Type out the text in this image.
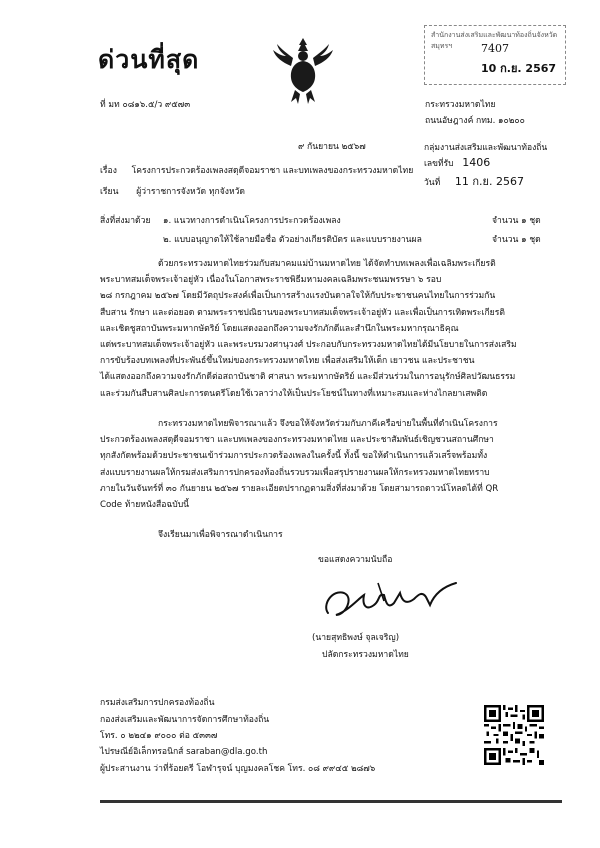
ด่วนที่สุด
สำนักงานส่งเสริมและพัฒนาท้องถิ่นจังหวัดสมุทรฯ	7407
10 ก.ย. 2567
ที่ มท ๐๘๑๖.๕/ว ๙๕๗๓	กระทรวงมหาดไทย
ถนนอัษฎางค์ กทม. ๑๐๒๐๐
๙ กันยายน ๒๕๖๗	กลุ่มงานส่งเสริมและพัฒนาท้องถิ่น
เลขที่รับ 1406
วันที่ 11 ก.ย. 2567
เรื่อง โครงการประกวดร้องเพลงสดุดีจอมราชา และบทเพลงของกระทรวงมหาดไทย
เรียน ผู้ว่าราชการจังหวัด ทุกจังหวัด
สิ่งที่ส่งมาด้วย ๑. แนวทางการดำเนินโครงการประกวดร้องเพลง	จำนวน ๑ ชุด
๒. แบบอนุญาตให้ใช้ลายมือชื่อ ตัวอย่างเกียรติบัตร และแบบรายงานผล	จำนวน ๑ ชุด
ด้วยกระทรวงมหาดไทยร่วมกับสมาคมแม่บ้านมหาดไทย ได้จัดทำบทเพลงเพื่อเฉลิมพระเกียรติ
พระบาทสมเด็จพระเจ้าอยู่หัว เนื่องในโอกาสพระราชพิธีมหามงคลเฉลิมพระชนมพรรษา ๖ รอบ
๒๘ กรกฎาคม ๒๕๖๗ โดยมีวัตถุประสงค์เพื่อเป็นการสร้างแรงบันดาลใจให้กับประชาชนคนไทยในการร่วมกัน
สืบสาน รักษา และต่อยอด ตามพระราชปณิธานของพระบาทสมเด็จพระเจ้าอยู่หัว และเพื่อเป็นการเทิดพระเกียรติ
และเชิดชูสถาบันพระมหากษัตริย์ โดยแสดงออกถึงความจงรักภักดีและสำนึกในพระมหากรุณาธิคุณ
แด่พระบาทสมเด็จพระเจ้าอยู่หัว และพระบรมวงศานุวงศ์ ประกอบกับกระทรวงมหาดไทยได้มีนโยบายในการส่งเสริม
การขับร้องบทเพลงที่ประพันธ์ขึ้นใหม่ของกระทรวงมหาดไทย เพื่อส่งเสริมให้เด็ก เยาวชน และประชาชน
ได้แสดงออกถึงความจงรักภักดีต่อสถาบันชาติ ศาสนา พระมหากษัตริย์ และมีส่วนร่วมในการอนุรักษ์ศิลปวัฒนธรรม
และร่วมกันสืบสานศิลปะการดนตรีโดยใช้เวลาว่างให้เป็นประโยชน์ในทางที่เหมาะสมและห่างไกลยาเสพติด
กระทรวงมหาดไทยพิจารณาแล้ว จึงขอให้จังหวัดร่วมกับภาคีเครือข่ายในพื้นที่ดำเนินโครงการ
ประกวดร้องเพลงสดุดีจอมราชา และบทเพลงของกระทรวงมหาดไทย และประชาสัมพันธ์เชิญชวนสถานศึกษา
ทุกสังกัดพร้อมด้วยประชาชนเข้าร่วมการประกวดร้องเพลงในครั้งนี้ ทั้งนี้ ขอให้ดำเนินการแล้วเสร็จพร้อมทั้ง
ส่งแบบรายงานผลให้กรมส่งเสริมการปกครองท้องถิ่นรวบรวมเพื่อสรุปรายงานผลให้กระทรวงมหาดไทยทราบ
ภายในวันจันทร์ที่ ๓๐ กันยายน ๒๕๖๗ รายละเอียดปรากฏตามสิ่งที่ส่งมาด้วย โดยสามารถดาวน์โหลดได้ที่ QR
Code ท้ายหนังสือฉบับนี้
จึงเรียนมาเพื่อพิจารณาดำเนินการ
ขอแสดงความนับถือ
(นายสุทธิพงษ์ จุลเจริญ)
ปลัดกระทรวงมหาดไทย
กรมส่งเสริมการปกครองท้องถิ่น
กองส่งเสริมและพัฒนาการจัดการศึกษาท้องถิ่น
โทร. ๐ ๒๒๔๑ ๙๐๐๐ ต่อ ๕๓๓๗
ไปรษณีย์อิเล็กทรอนิกส์ saraban@dla.go.th
ผู้ประสานงาน ว่าที่ร้อยตรี โอฬารุจน์ บุญมงคลโชค โทร. ๐๘ ๙๙๔๕ ๒๘๗๖
